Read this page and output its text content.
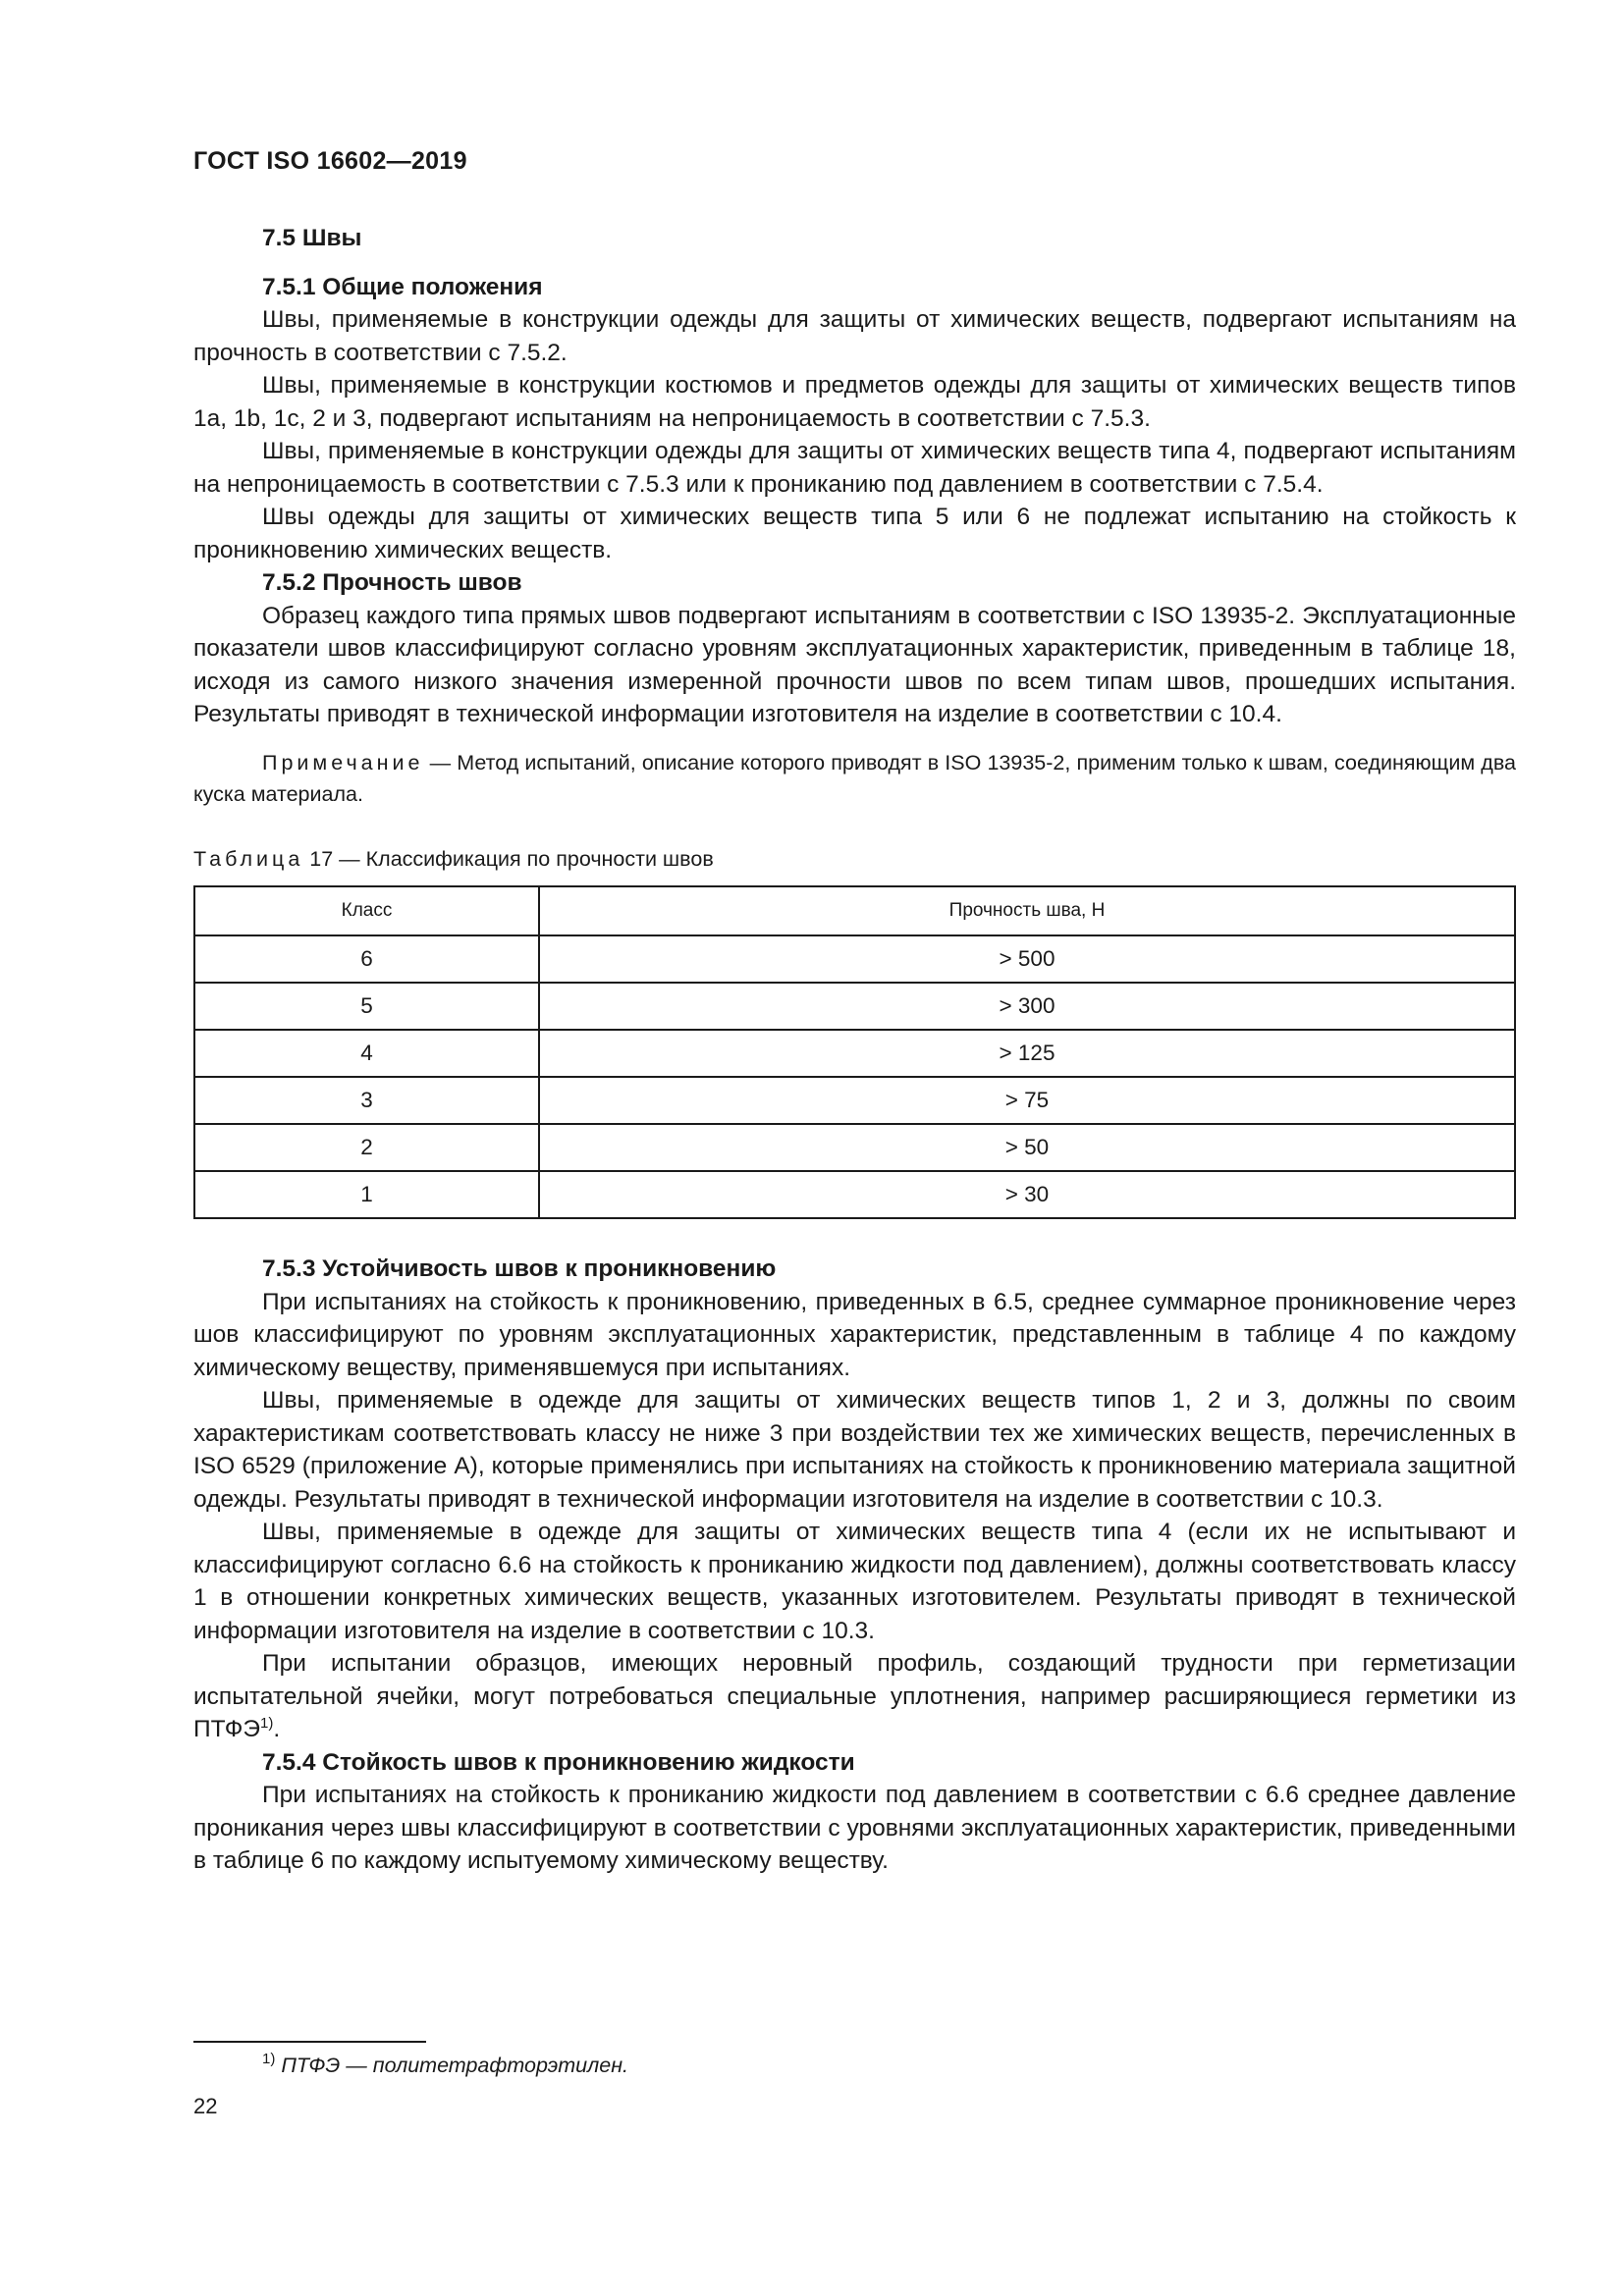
ГОСТ ISO 16602—2019

7.5 Швы

7.5.1 Общие положения

Швы, применяемые в конструкции одежды для защиты от химических веществ, подвергают испытаниям на прочность в соответствии с 7.5.2.

Швы, применяемые в конструкции костюмов и предметов одежды для защиты от химических веществ типов 1a, 1b, 1c, 2 и 3, подвергают испытаниям на непроницаемость в соответствии с 7.5.3.

Швы, применяемые в конструкции одежды для защиты от химических веществ типа 4, подвергают испытаниям на непроницаемость в соответствии с 7.5.3 или к прониканию под давлением в соответствии с 7.5.4.

Швы одежды для защиты от химических веществ типа 5 или 6 не подлежат испытанию на стойкость к проникновению химических веществ.

7.5.2 Прочность швов

Образец каждого типа прямых швов подвергают испытаниям в соответствии с ISO 13935-2. Эксплуатационные показатели швов классифицируют согласно уровням эксплуатационных характеристик, приведенным в таблице 18, исходя из самого низкого значения измеренной прочности швов по всем типам швов, прошедших испытания. Результаты приводят в технической информации изготовителя на изделие в соответствии с 10.4.

Примечание — Метод испытаний, описание которого приводят в ISO 13935-2, применим только к швам, соединяющим два куска материала.

Таблица 17 — Классификация по прочности швов

Класс	Прочность шва, Н
6	> 500
5	> 300
4	> 125
3	> 75
2	> 50
1	> 30

7.5.3 Устойчивость швов к проникновению

При испытаниях на стойкость к проникновению, приведенных в 6.5, среднее суммарное проникновение через шов классифицируют по уровням эксплуатационных характеристик, представленным в таблице 4 по каждому химическому веществу, применявшемуся при испытаниях.

Швы, применяемые в одежде для защиты от химических веществ типов 1, 2 и 3, должны по своим характеристикам соответствовать классу не ниже 3 при воздействии тех же химических веществ, перечисленных в ISO 6529 (приложение А), которые применялись при испытаниях на стойкость к проникновению материала защитной одежды. Результаты приводят в технической информации изготовителя на изделие в соответствии с 10.3.

Швы, применяемые в одежде для защиты от химических веществ типа 4 (если их не испытывают и классифицируют согласно 6.6 на стойкость к прониканию жидкости под давлением), должны соответствовать классу 1 в отношении конкретных химических веществ, указанных изготовителем. Результаты приводят в технической информации изготовителя на изделие в соответствии с 10.3.

При испытании образцов, имеющих неровный профиль, создающий трудности при герметизации испытательной ячейки, могут потребоваться специальные уплотнения, например расширяющиеся герметики из ПТФЭ$^{1)}$.

7.5.4 Стойкость швов к проникновению жидкости

При испытаниях на стойкость к прониканию жидкости под давлением в соответствии с 6.6 среднее давление проникания через швы классифицируют в соответствии с уровнями эксплуатационных характеристик, приведенными в таблице 6 по каждому испытуемому химическому веществу.

$^{1)}$ ПТФЭ — политетрафторэтилен.
22
